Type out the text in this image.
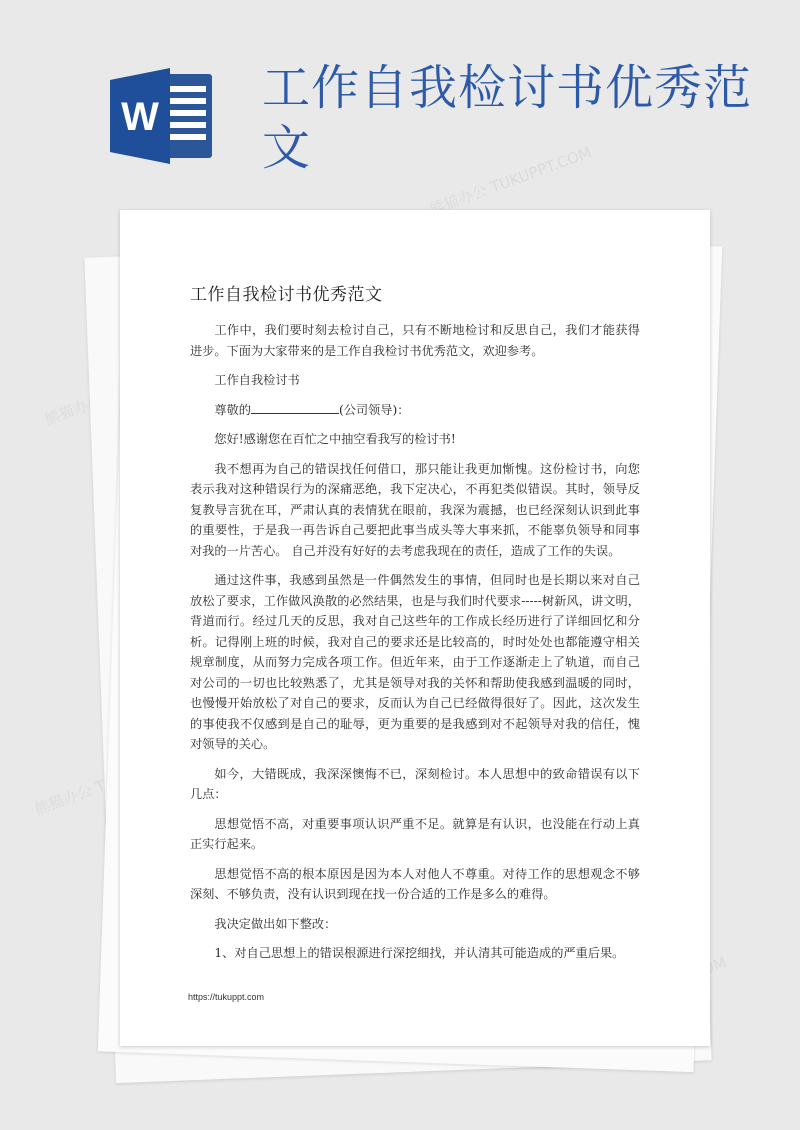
W
工作自我检讨书优秀范文	熊猫办公 TUKUPPT.COM
熊猫办公
熊猫办公
工作自我检讨书优秀范文

工作中，我们要时刻去检讨自己，只有不断地检讨和反思自己，我们才能获得进步。下面为大家带来的是工作自我检讨书优秀范文，欢迎参考。

工作自我检讨书

尊敬的	(公司领导)：

您好!感谢您在百忙之中抽空看我写的检讨书!

我不想再为自己的错误找任何借口，那只能让我更加惭愧。这份检讨书，向您表示我对这种错误行为的深痛恶绝，我下定决心，不再犯类似错误。其时，领导反复教导言犹在耳，严肃认真的表情犹在眼前，我深为震撼，也已经深刻认识到此事的重要性，于是我一再告诉自己要把此事当成头等大事来抓，不能辜负领导和同事对我的一片苦心。 自己并没有好好的去考虑我现在的责任，造成了工作的失误。

通过这件事，我感到虽然是一件偶然发生的事情，但同时也是长期以来对自己放松了要求，工作做风涣散的必然结果，也是与我们时代要求-----树新风，讲文明，背道而行。经过几天的反思，我对自己这些年的工作成长经历进行了详细回忆和分析。记得刚上班的时候，我对自己的要求还是比较高的，时时处处也都能遵守相关规章制度，从而努力完成各项工作。但近年来，由于工作逐渐走上了轨道，而自己对公司的一切也比较熟悉了，尤其是领导对我的关怀和帮助使我感到温暖的同时，也慢慢开始放松了对自己的要求，反而认为自己已经做得很好了。因此，这次发生的事使我不仅感到是自己的耻辱，更为重要的是我感到对不起领导对我的信任，愧对领导的关心。

如今，大错既成，我深深懊悔不已，深刻检讨。本人思想中的致命错误有以下几点：

思想觉悟不高，对重要事项认识严重不足。就算是有认识，也没能在行动上真正实行起来。

思想觉悟不高的根本原因是因为本人对他人不尊重。对待工作的思想观念不够深刻、不够负责，没有认识到现在找一份合适的工作是多么的难得。

我决定做出如下整改：

1、对自己思想上的错误根源进行深挖细找，并认清其可能造成的严重后果。

https://tukuppt.com
